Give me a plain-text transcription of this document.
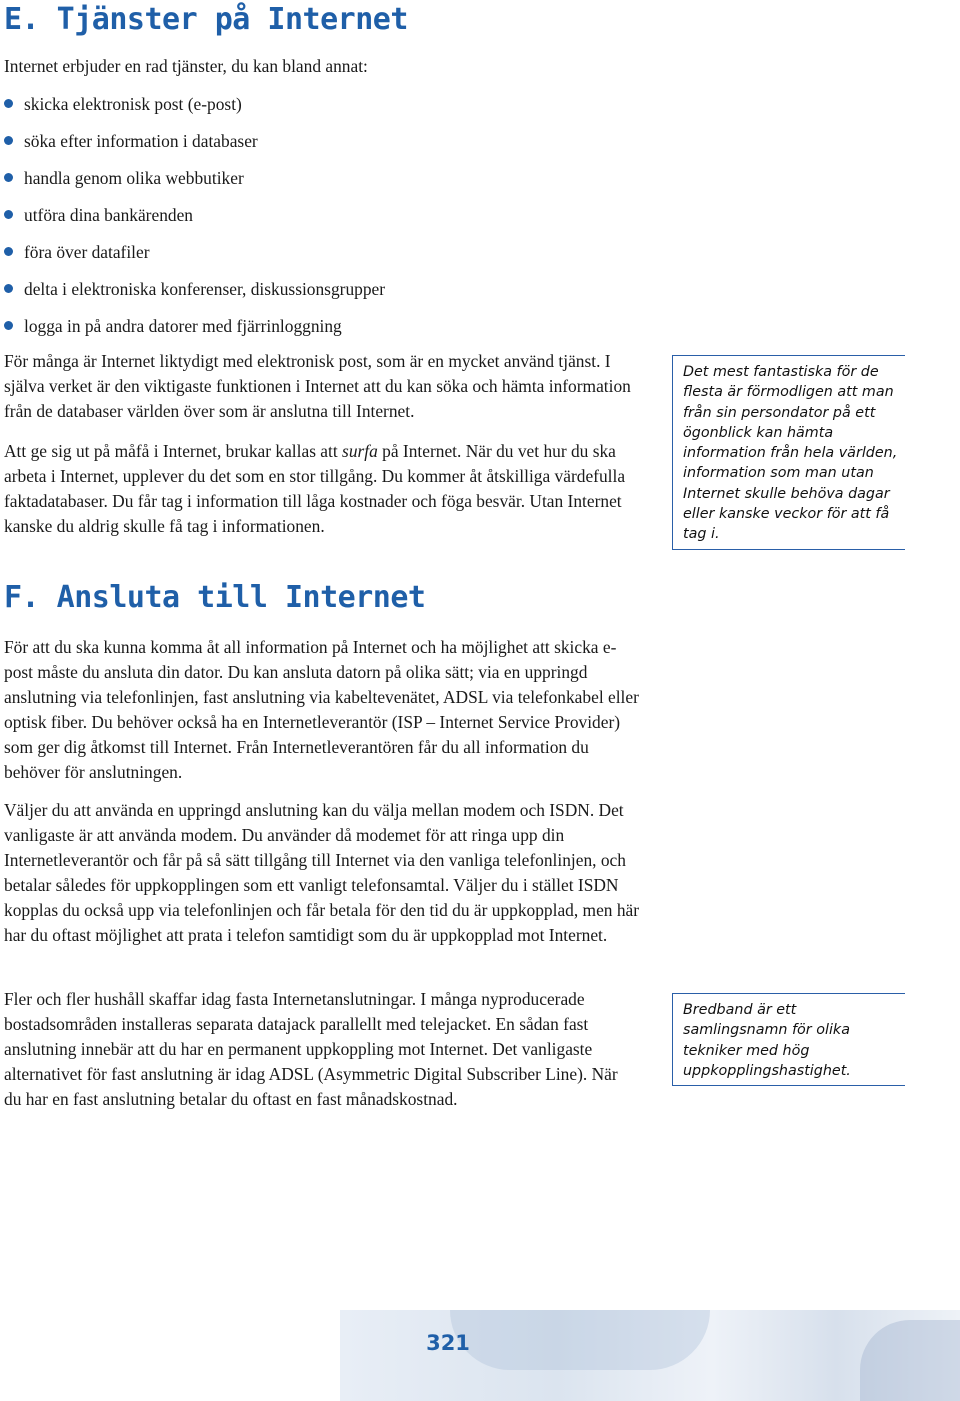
E. Tjänster på Internet

Internet erbjuder en rad tjänster, du kan bland annat:

skicka elektronisk post (e-post)
söka efter information i databaser
handla genom olika webbutiker
utföra dina bankärenden
föra över datafiler
delta i elektroniska konferenser, diskussionsgrupper
logga in på andra datorer med fjärrinloggning

För många är Internet liktydigt med elektronisk post, som är en mycket använd tjänst. I själva verket är den viktigaste funktionen i Internet att du kan söka och hämta information från de databaser världen över som är anslutna till Internet.

Att ge sig ut på måfå i Internet, brukar kallas att surfa på Internet. När du vet hur du ska arbeta i Internet, upplever du det som en stor tillgång. Du kommer åt åtskilliga värdefulla faktadatabaser. Du får tag i information till låga kostnader och föga besvär. Utan Internet kanske du aldrig skulle få tag i informationen.

Det mest fantastiska för de flesta är förmodligen att man från sin persondator på ett ögonblick kan hämta information från hela världen, information som man utan Internet skulle behöva dagar eller kanske veckor för att få tag i.
F. Ansluta till Internet

För att du ska kunna komma åt all information på Internet och ha möjlighet att skicka e-post måste du ansluta din dator. Du kan ansluta datorn på olika sätt; via en uppringd anslutning via telefonlinjen, fast anslutning via kabeltevenätet, ADSL via telefonkabel eller optisk fiber. Du behöver också ha en Internetleverantör (ISP – Internet Service Provider) som ger dig åtkomst till Internet. Från Internetleverantören får du all information du behöver för anslutningen.

Väljer du att använda en uppringd anslutning kan du välja mellan modem och ISDN. Det vanligaste är att använda modem. Du använder då modemet för att ringa upp din Internetleverantör och får på så sätt tillgång till Internet via den vanliga telefonlinjen, och betalar således för uppkopplingen som ett vanligt telefonsamtal. Väljer du i stället ISDN kopplas du också upp via telefonlinjen och får betala för den tid du är uppkopplad, men här har du oftast möjlighet att prata i telefon samtidigt som du är uppkopplad mot Internet.

Fler och fler hushåll skaffar idag fasta Internetanslutningar. I många nyproducerade bostadsområden installeras separata datajack parallellt med telejacket. En sådan fast anslutning innebär att du har en permanent uppkoppling mot Internet. Det vanligaste alternativet för fast anslutning är idag ADSL (Asymmetric Digital Subscriber Line). När du har en fast anslutning betalar du oftast en fast månadskostnad.

Bredband är ett samlingsnamn för olika tekniker med hög uppkopplingshastighet.
321
